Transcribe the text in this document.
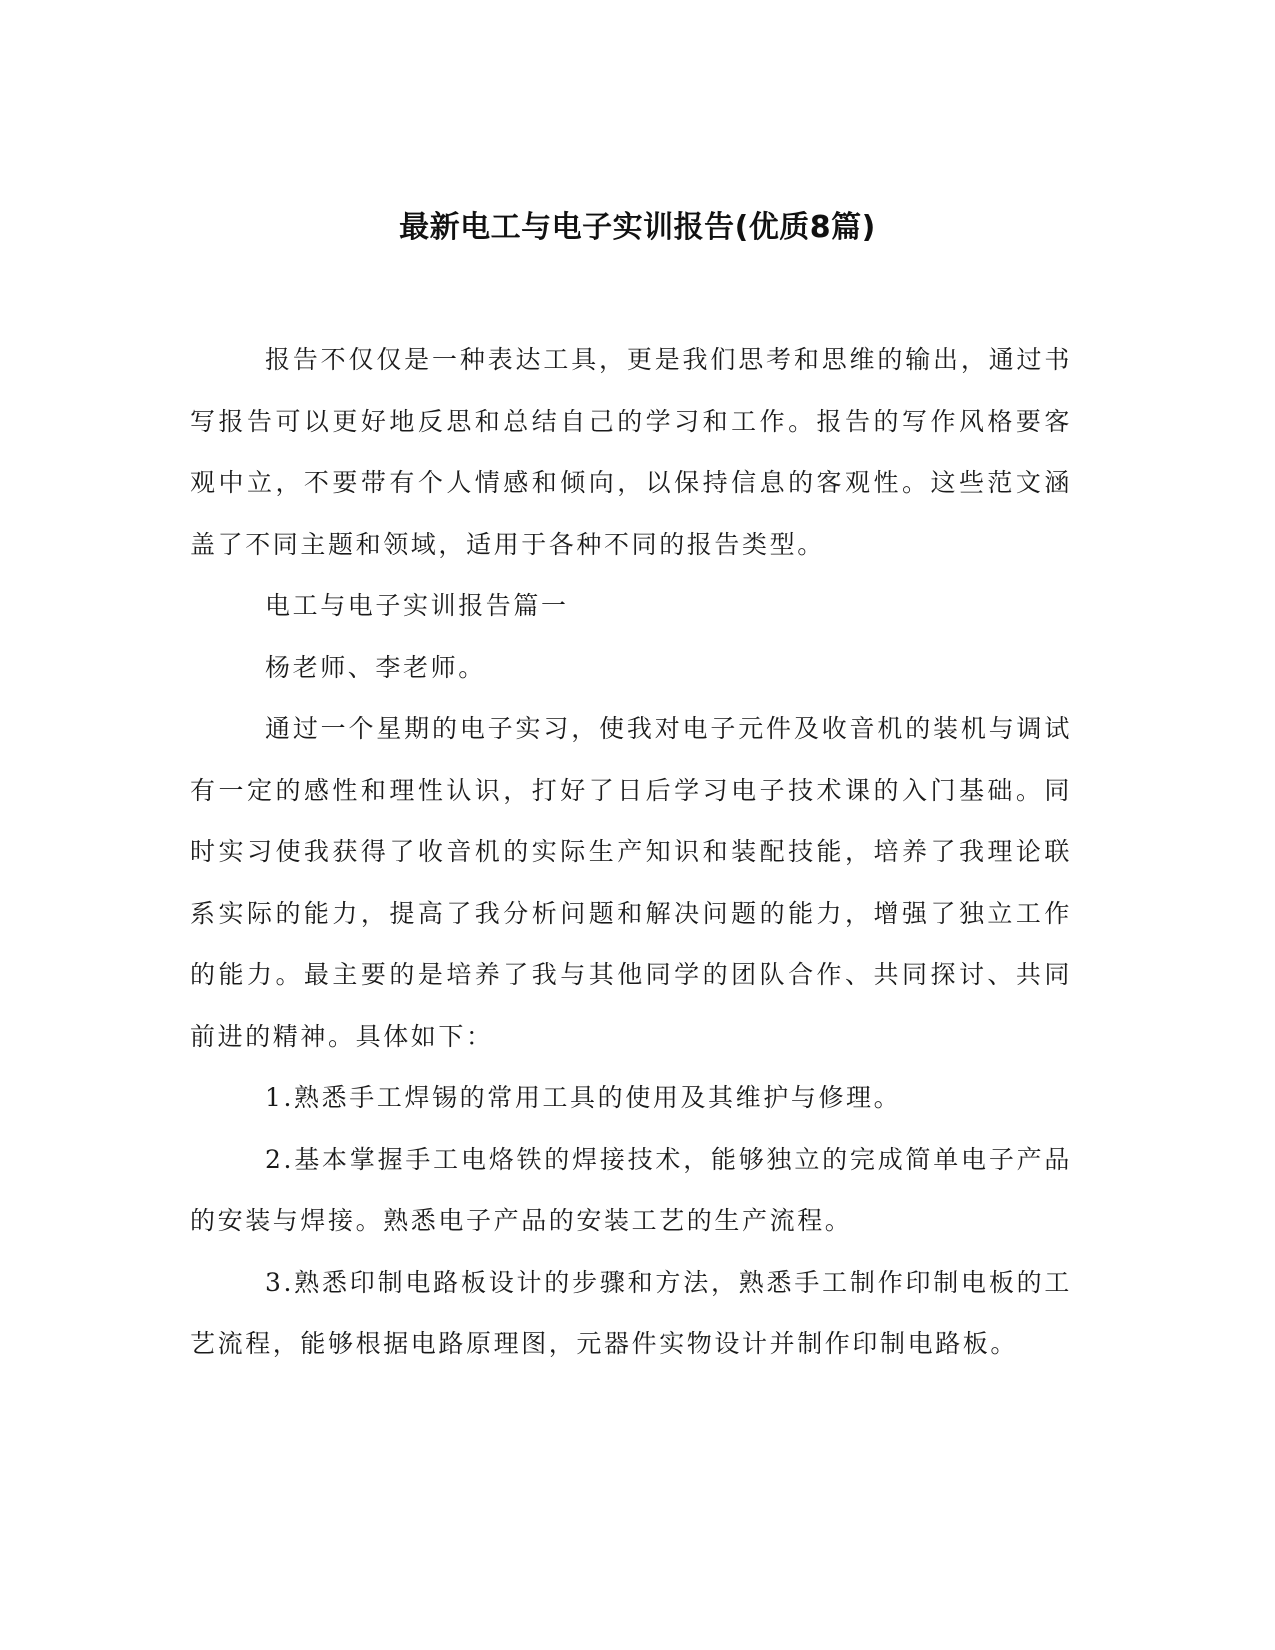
最新电工与电子实训报告(优质8篇)

报告不仅仅是一种表达工具，更是我们思考和思维的输出，通过书写报告可以更好地反思和总结自己的学习和工作。报告的写作风格要客观中立，不要带有个人情感和倾向，以保持信息的客观性。这些范文涵盖了不同主题和领域，适用于各种不同的报告类型。

电工与电子实训报告篇一

杨老师、李老师。

通过一个星期的电子实习，使我对电子元件及收音机的装机与调试有一定的感性和理性认识，打好了日后学习电子技术课的入门基础。同时实习使我获得了收音机的实际生产知识和装配技能，培养了我理论联系实际的能力，提高了我分析问题和解决问题的能力，增强了独立工作的能力。最主要的是培养了我与其他同学的团队合作、共同探讨、共同前进的精神。具体如下：

1.熟悉手工焊锡的常用工具的使用及其维护与修理。

2.基本掌握手工电烙铁的焊接技术，能够独立的完成简单电子产品的安装与焊接。熟悉电子产品的安装工艺的生产流程。

3.熟悉印制电路板设计的步骤和方法，熟悉手工制作印制电板的工艺流程，能够根据电路原理图，元器件实物设计并制作印制电路板。
